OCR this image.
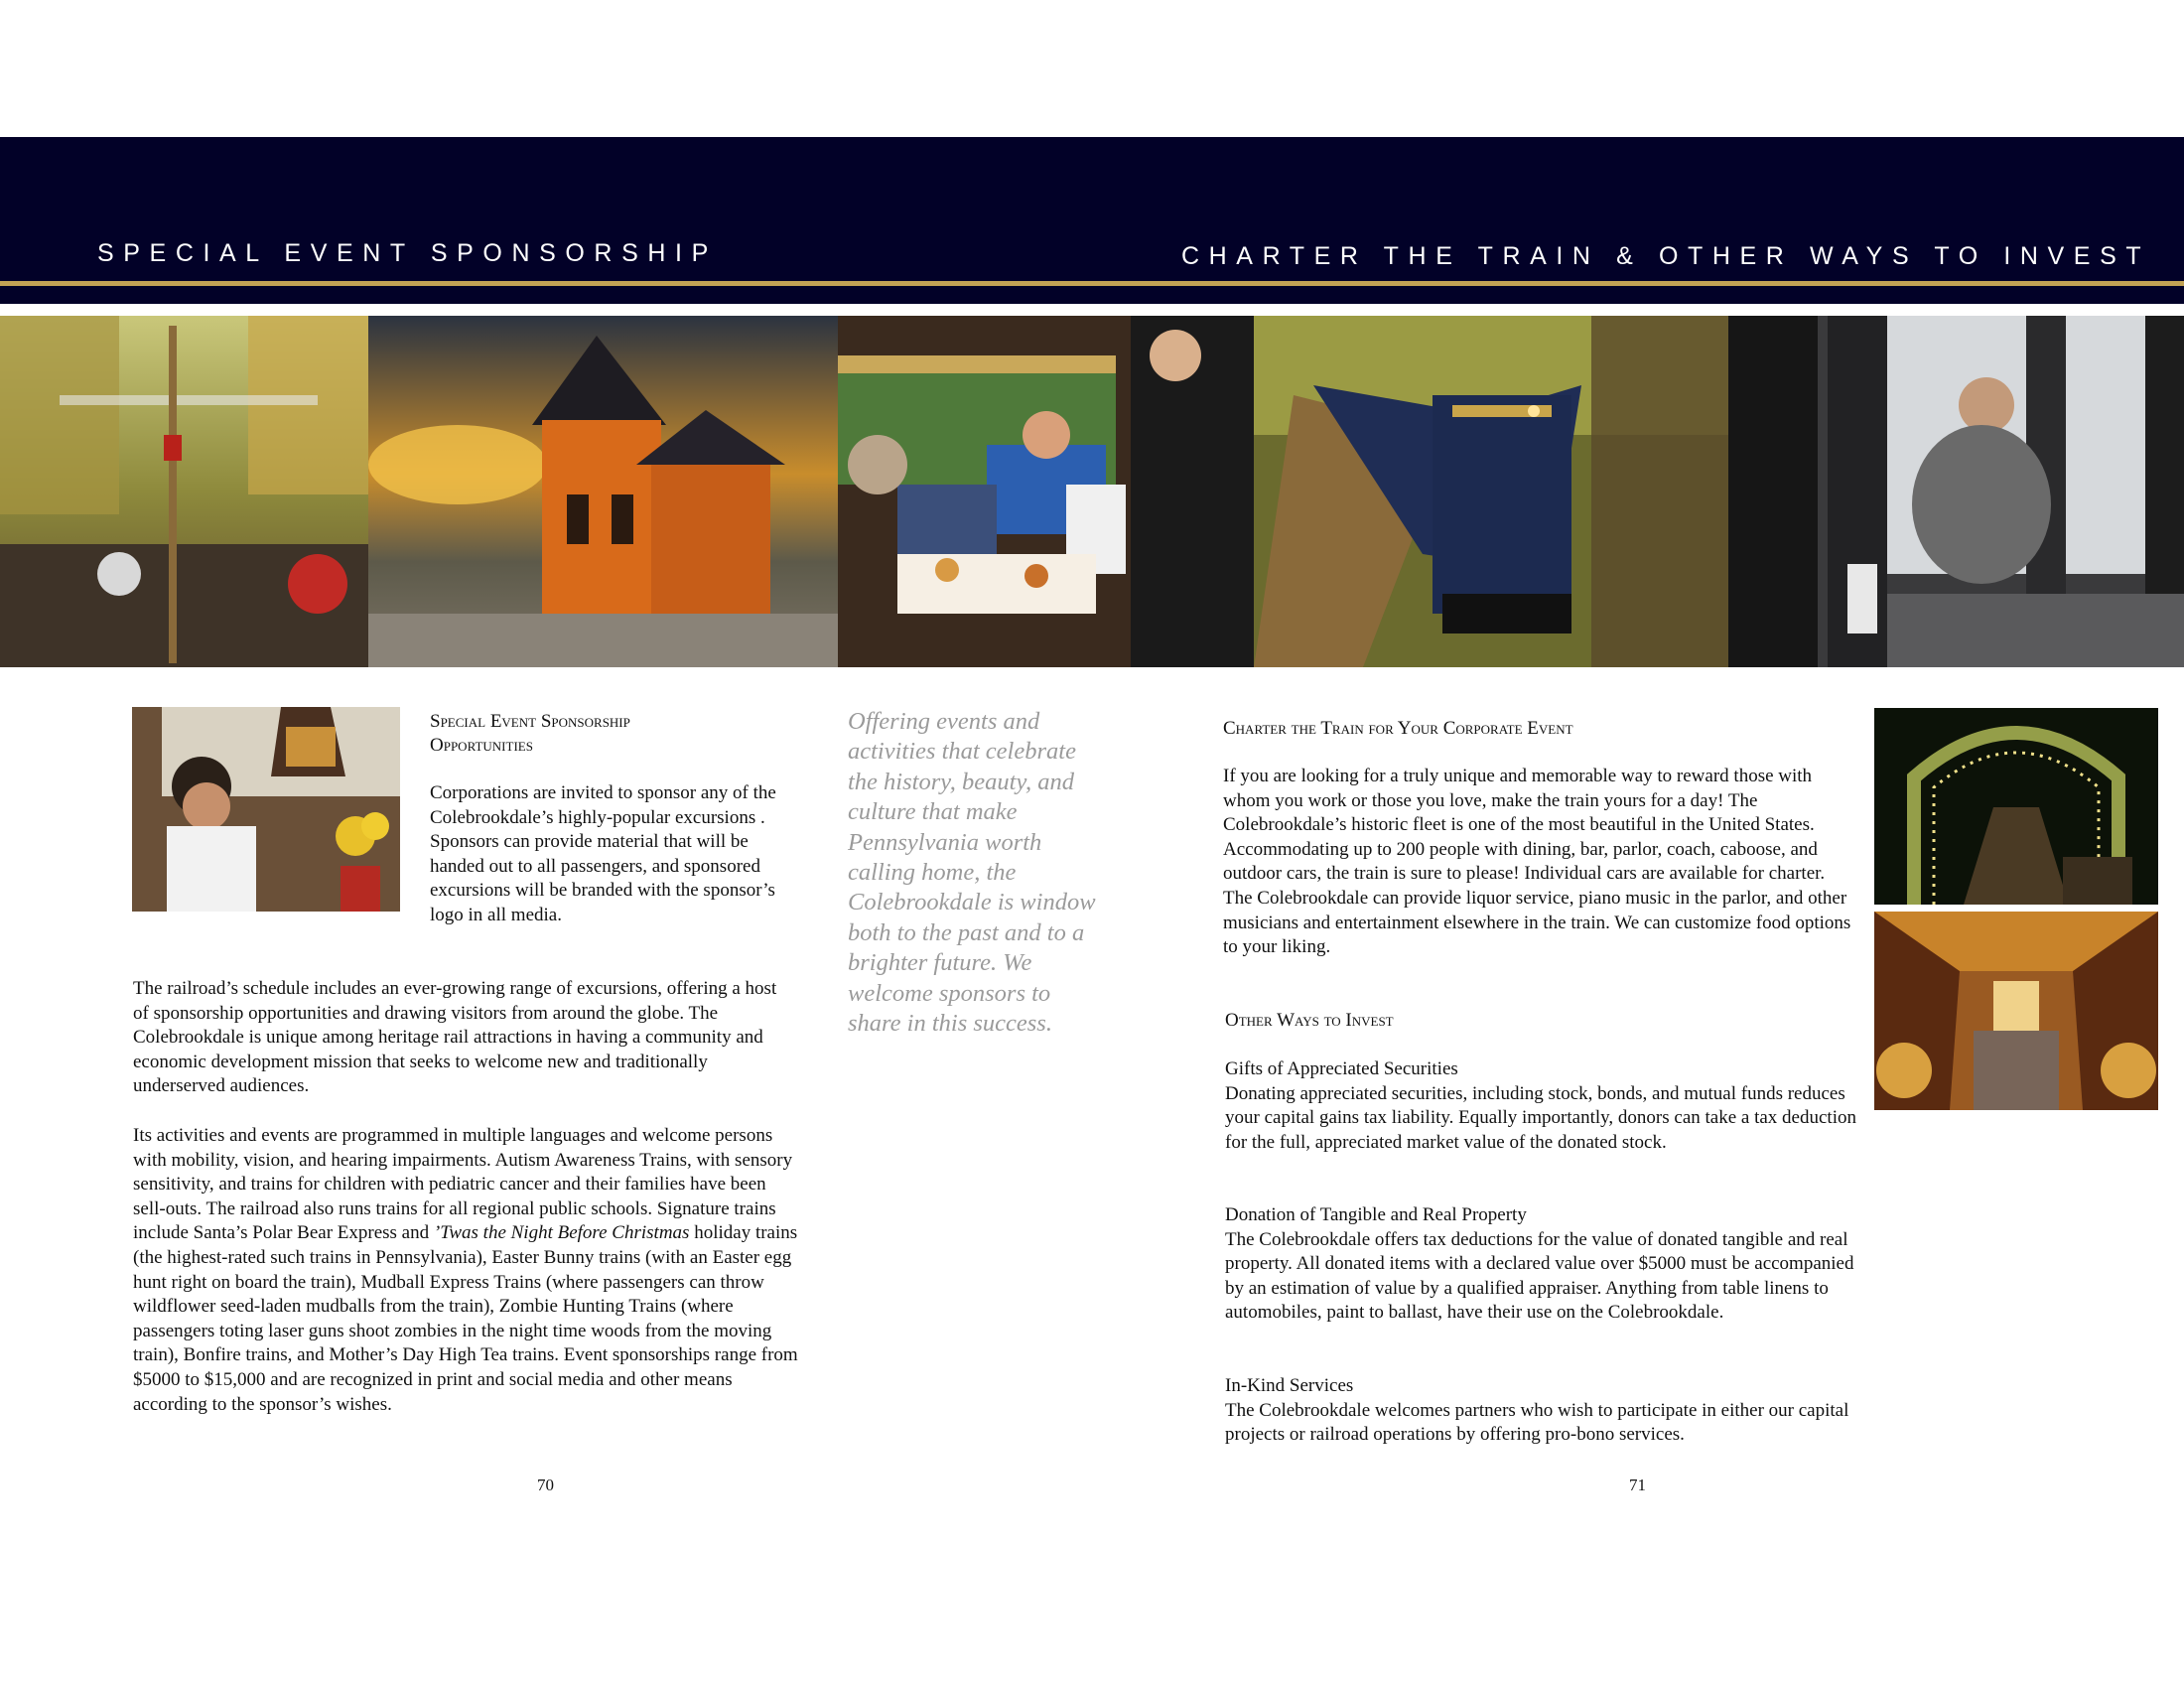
SPECIAL EVENT SPONSORSHIP	CHARTER THE TRAIN & OTHER WAYS TO INVEST
Special Event Sponsorship
Opportunities
Corporations are invited to sponsor any of the Colebrookdale’s highly-popular excursions . Sponsors can provide material that will be handed out to all passengers, and sponsored excursions will be branded with the sponsor’s logo in all media.
The railroad’s schedule includes an ever-growing range of excursions, offering a host of sponsorship opportunities and drawing visitors from around the globe. The Colebrookdale is unique among heritage rail attractions in having a community and economic development mission that seeks to welcome new and traditionally underserved audiences.
Its activities and events are programmed in multiple languages and welcome persons with mobility, vision, and hearing impairments. Autism Awareness Trains, with sensory sensitivity, and trains for children with pediatric cancer and their families have been sell-outs. The railroad also runs trains for all regional public schools. Signature trains include Santa’s Polar Bear Express and ’Twas the Night Before Christmas holiday trains (the highest-rated such trains in Pennsylvania), Easter Bunny trains (with an Easter egg hunt right on board the train), Mudball Express Trains (where passengers can throw wildflower seed-laden mudballs from the train), Zombie Hunting Trains (where passengers toting laser guns shoot zombies in the night time woods from the moving train), Bonfire trains, and Mother’s Day High Tea trains. Event sponsorships range from $5000 to $15,000 and are recognized in print and social media and other means according to the sponsor’s wishes.
70
Offering events and activities that celebrate the history, beauty, and culture that make Pennsylvania worth calling home, the Colebrookdale is window both to the past and to a brighter future. We welcome sponsors to share in this success.
Charter the Train for Your Corporate Event
If you are looking for a truly unique and memorable way to reward those with whom you work or those you love, make the train yours for a day! The Colebrookdale’s historic fleet is one of the most beautiful in the United States. Accommodating up to 200 people with dining, bar, parlor, coach, caboose, and outdoor cars, the train is sure to please! Individual cars are available for charter. The Colebrookdale can provide liquor service, piano music in the parlor, and other musicians and entertainment elsewhere in the train. We can customize food options to your liking.
Other Ways to Invest
Gifts of Appreciated Securities
Donating appreciated securities, including stock, bonds, and mutual funds reduces your capital gains tax liability. Equally importantly, donors can take a tax deduction for the full, appreciated market value of the donated stock.
Donation of Tangible and Real Property
The Colebrookdale offers tax deductions for the value of donated tangible and real property. All donated items with a declared value over $5000 must be accompanied by an estimation of value by a qualified appraiser. Anything from table linens to automobiles, paint to ballast, have their use on the Colebrookdale.
In-Kind Services
The Colebrookdale welcomes partners who wish to participate in either our capital projects or railroad operations by offering pro-bono services.
71
